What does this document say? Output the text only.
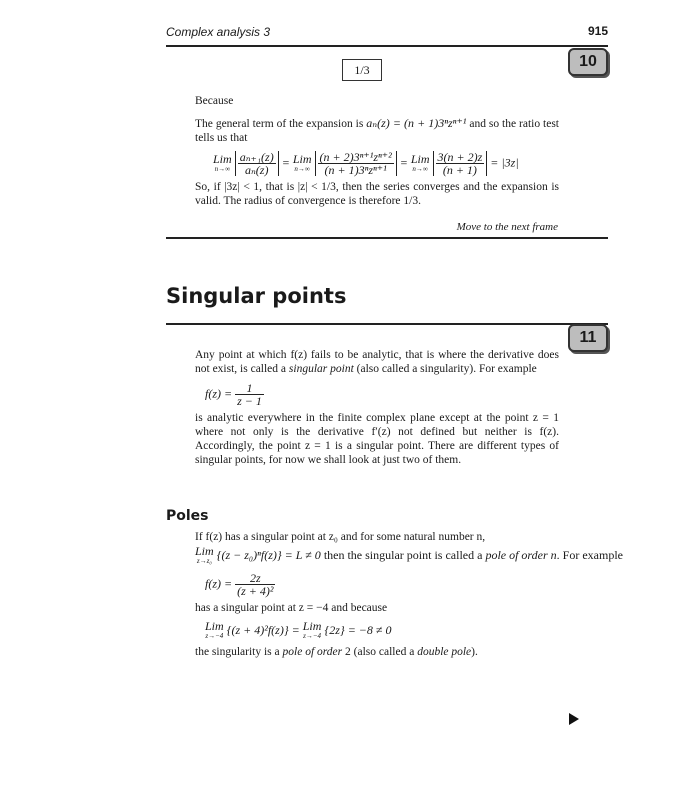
Complex analysis 3	915
10
1/3

Because

The general term of the expansion is aₙ(z) = (n + 1)3ⁿzⁿ⁺¹ and so the ratio test tells us that

Lim
n→∞
$\frac{\text{aₙ₊₁(z)}}{\text{aₙ(z)}}$ = Lim
n→∞
$\frac{\text{(n + 2)3ⁿ⁺¹zⁿ⁺²}}{\text{(n + 1)3ⁿzⁿ⁺¹}}$ = Lim
n→∞
$\frac{3(n + 2)z}{(n + 1)} = |3z|$

So, if |3z| < 1, that is |z| < 1/3, then the series converges and the expansion is valid. The radius of convergence is therefore 1/3.

Move to the next frame
Singular points
11

Any point at which f(z) fails to be analytic, that is where the derivative does not exist, is called a singular point (also called a singularity). For example

$f(z) = \frac{1}{z - 1}$

is analytic everywhere in the finite complex plane except at the point z = 1 where not only is the derivative f′(z) not defined but neither is f(z). Accordingly, the point z = 1 is a singular point. There are different types of singular points, for now we shall look at just two of them.

Poles

If f(z) has a singular point at z₀ and for some natural number n,

Lim
z→z₀ {(z − z₀)ⁿf(z)} = L ≠ 0 then the singular point is called a pole of order n. For example
$f(z) = \frac{2z}{\text{(z + 4)²}}$

has a singular point at z = −4 and because

Lim
z→−4 {(z + 4)²f(z)} = Lim
z→−4 {2z} = −8 ≠ 0

the singularity is a pole of order 2 (also called a double pole).
